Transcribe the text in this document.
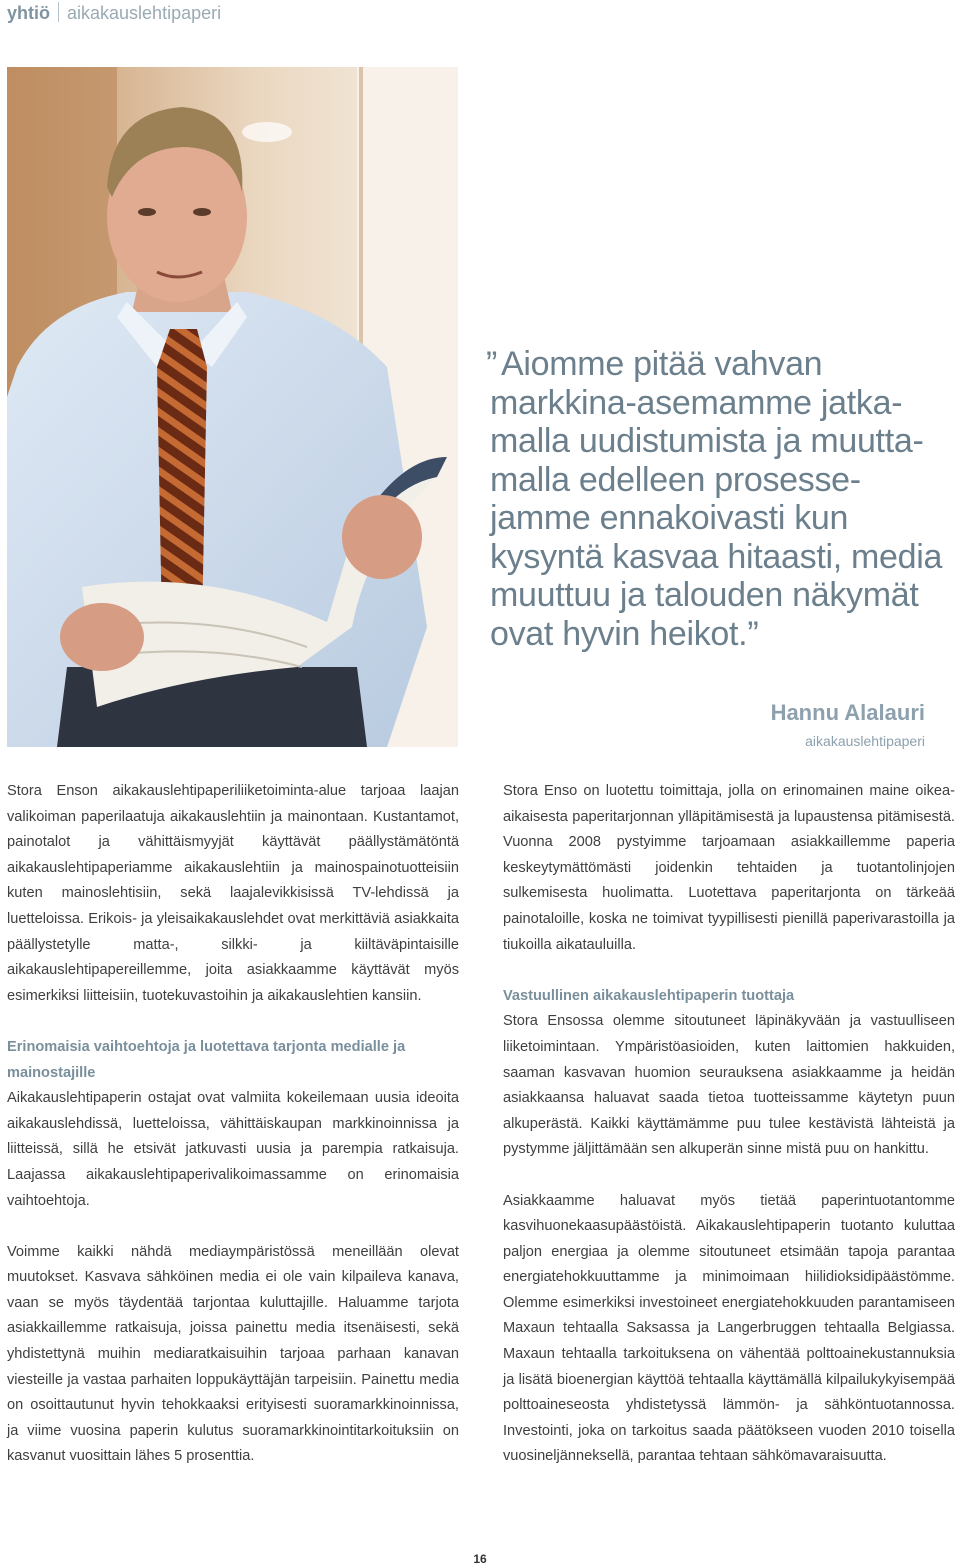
yhtiö aikakauslehtipaperi
” Aiomme pitää vahvan markkina-asemamme jatkamalla uudistumista ja muuttamalla edelleen prosessejamme ennakoivasti kun kysyntä kasvaa hitaasti, media muuttuu ja talouden näkymät ovat hyvin heikot.”
Hannu Alalauri
aikakauslehtipaperi

Stora Enson aikakauslehtipaperiliiketoiminta-alue tarjoaa laajan valikoiman paperilaatuja aikakauslehtiin ja mainontaan. Kustantamot, painotalot ja vähittäismyyjät käyttävät päällystämätöntä aikakauslehtipaperiamme aikakauslehtiin ja mainospainotuotteisiin kuten mainoslehtisiin, sekä laajalevikkisissä TV-lehdissä ja luetteloissa. Erikois- ja yleisaikakauslehdet ovat merkittäviä asiakkaita päällystetylle matta-, silkki- ja kiiltäväpintaisille aikakauslehtipapereillemme, joita asiakkaamme käyttävät myös esimerkiksi liitteisiin, tuotekuvastoihin ja aikakauslehtien kansiin.

Erinomaisia vaihtoehtoja ja luotettava tarjonta medialle ja mainostajille

Aikakauslehtipaperin ostajat ovat valmiita kokeilemaan uusia ideoita aikakauslehdissä, luetteloissa, vähittäiskaupan markkinoinnissa ja liitteissä, sillä he etsivät jatkuvasti uusia ja parempia ratkaisuja. Laajassa aikakauslehtipaperivalikoimassamme on erinomaisia vaihtoehtoja.

Voimme kaikki nähdä mediaympäristössä meneillään olevat muutokset. Kasvava sähköinen media ei ole vain kilpaileva kanava, vaan se myös täydentää tarjontaa kuluttajille. Haluamme tarjota asiakkaillemme ratkaisuja, joissa painettu media itsenäisesti, sekä yhdistettynä muihin mediaratkaisuihin tarjoaa parhaan kanavan viesteille ja vastaa parhaiten loppukäyttäjän tarpeisiin. Painettu media on osoittautunut hyvin tehokkaaksi erityisesti suoramarkkinoinnissa, ja viime vuosina paperin kulutus suoramarkkinointitarkoituksiin on kasvanut vuosittain lähes 5 prosenttia.

Stora Enso on luotettu toimittaja, jolla on erinomainen maine oikea-aikaisesta paperitarjonnan ylläpitämisestä ja lupaustensa pitämisestä. Vuonna 2008 pystyimme tarjoamaan asiakkaillemme paperia keskeytymättömästi joidenkin tehtaiden ja tuotantolinjojen sulkemisesta huolimatta. Luotettava paperitarjonta on tärkeää painotaloille, koska ne toimivat tyypillisesti pienillä paperivarastoilla ja tiukoilla aikatauluilla.

Vastuullinen aikakauslehtipaperin tuottaja

Stora Ensossa olemme sitoutuneet läpinäkyvään ja vastuulliseen liiketoimintaan. Ympäristöasioiden, kuten laittomien hakkuiden, saaman kasvavan huomion seurauksena asiakkaamme ja heidän asiakkaansa haluavat saada tietoa tuotteissamme käytetyn puun alkuperästä. Kaikki käyttämämme puu tulee kestävistä lähteistä ja pystymme jäljittämään sen alkuperän sinne mistä puu on hankittu.

Asiakkaamme haluavat myös tietää paperintuotantomme kasvihuonekaasupäästöistä. Aikakauslehtipaperin tuotanto kuluttaa paljon energiaa ja olemme sitoutuneet etsimään tapoja parantaa energiatehokkuuttamme ja minimoimaan hiilidioksidipäästömme. Olemme esimerkiksi investoineet energiatehokkuuden parantamiseen Maxaun tehtaalla Saksassa ja Langerbruggen tehtaalla Belgiassa. Maxaun tehtaalla tarkoituksena on vähentää polttoainekustannuksia ja lisätä bioenergian käyttöä tehtaalla käyttämällä kilpailukykyisempää polttoaineseosta yhdistetyssä lämmön- ja sähköntuotannossa. Investointi, joka on tarkoitus saada päätökseen vuoden 2010 toisella vuosineljänneksellä, parantaa tehtaan sähkömavaraisuutta.

16
